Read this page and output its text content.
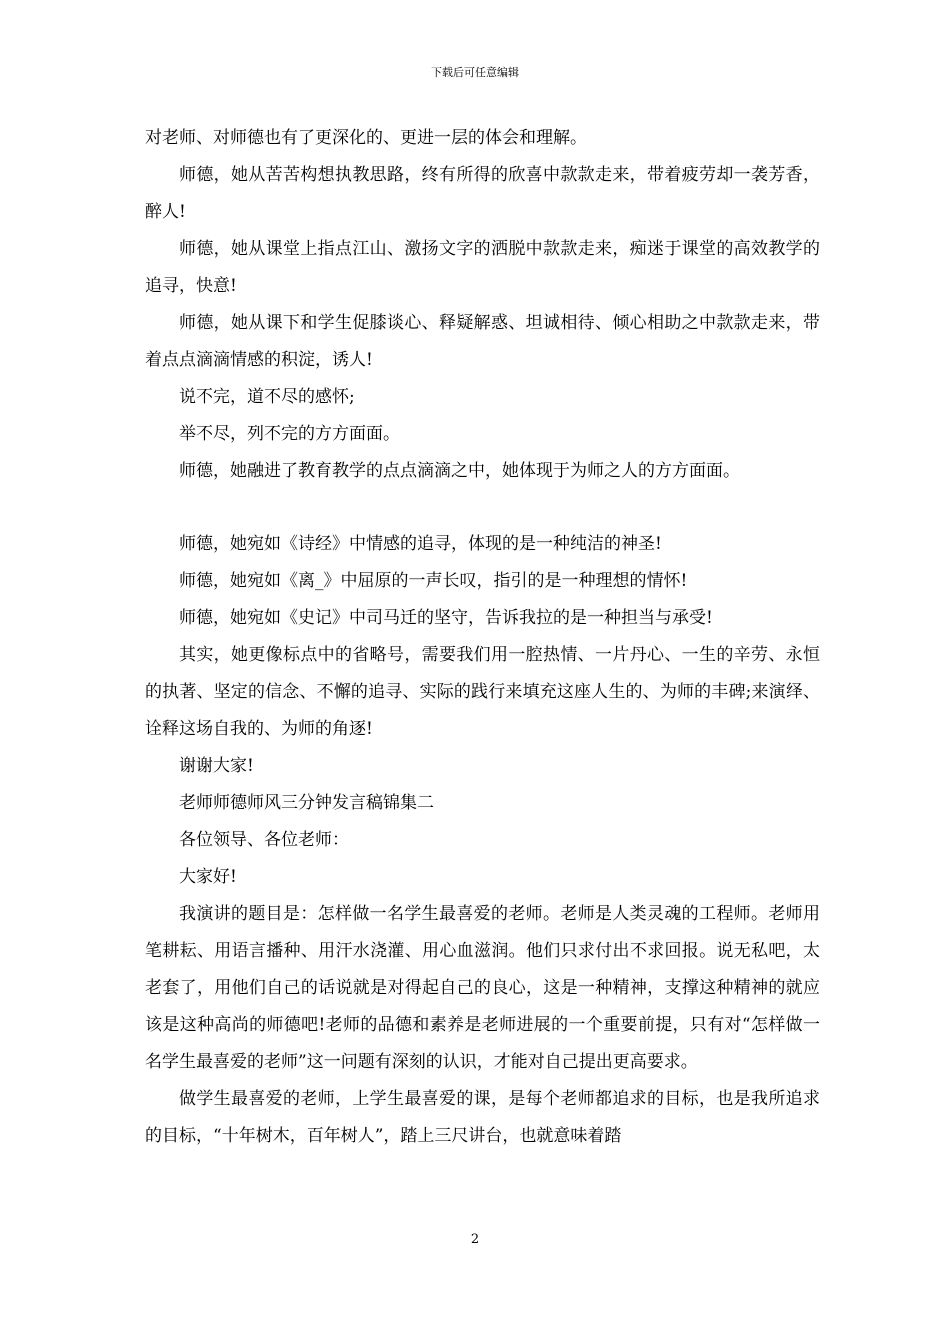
下载后可任意编辑

对老师、对师德也有了更深化的、更进一层的体会和理解。

师德，她从苦苦构想执教思路，终有所得的欣喜中款款走来，带着疲劳却一袭芳香，醉人!

师德，她从课堂上指点江山、激扬文字的洒脱中款款走来，痴迷于课堂的高效教学的追寻，快意!

师德，她从课下和学生促膝谈心、释疑解惑、坦诚相待、倾心相助之中款款走来，带着点点滴滴情感的积淀，诱人!

说不完，道不尽的感怀;

举不尽，列不完的方方面面。

师德，她融进了教育教学的点点滴滴之中，她体现于为师之人的方方面面。

师德，她宛如《诗经》中情感的追寻，体现的是一种纯洁的神圣!

师德，她宛如《离_》中屈原的一声长叹，指引的是一种理想的情怀!

师德，她宛如《史记》中司马迁的坚守，告诉我拉的是一种担当与承受!

其实，她更像标点中的省略号，需要我们用一腔热情、一片丹心、一生的辛劳、永恒的执著、坚定的信念、不懈的追寻、实际的践行来填充这座人生的、为师的丰碑;来演绎、诠释这场自我的、为师的角逐!

谢谢大家!

老师师德师风三分钟发言稿锦集二

各位领导、各位老师：

大家好!

我演讲的题目是：怎样做一名学生最喜爱的老师。老师是人类灵魂的工程师。老师用笔耕耘、用语言播种、用汗水浇灌、用心血滋润。他们只求付出不求回报。说无私吧，太老套了，用他们自己的话说就是对得起自己的良心，这是一种精神，支撑这种精神的就应该是这种高尚的师德吧!老师的品德和素养是老师进展的一个重要前提，只有对“怎样做一名学生最喜爱的老师”这一问题有深刻的认识，才能对自己提出更高要求。

做学生最喜爱的老师，上学生最喜爱的课，是每个老师都追求的目标，也是我所追求的目标，“十年树木，百年树人”，踏上三尺讲台，也就意味着踏

2
